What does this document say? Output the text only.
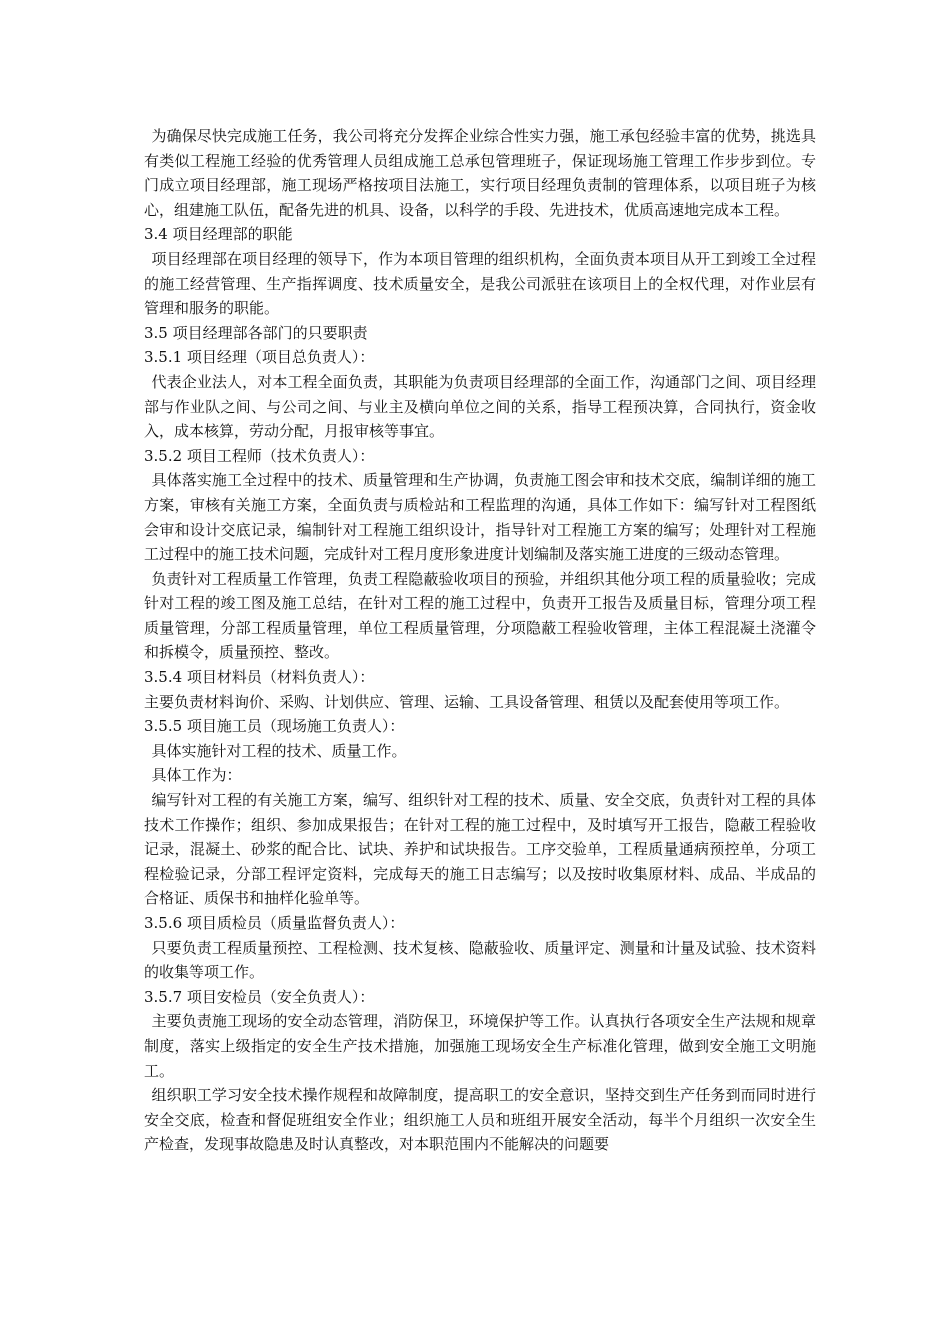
为确保尽快完成施工任务，我公司将充分发挥企业综合性实力强，施工承包经验丰富的优势，挑选具有类似工程施工经验的优秀管理人员组成施工总承包管理班子，保证现场施工管理工作步步到位。专门成立项目经理部，施工现场严格按项目法施工，实行项目经理负责制的管理体系，以项目班子为核心，组建施工队伍，配备先进的机具、设备，以科学的手段、先进技术，优质高速地完成本工程。

3.4 项目经理部的职能

项目经理部在项目经理的领导下，作为本项目管理的组织机构，全面负责本项目从开工到竣工全过程的施工经营管理、生产指挥调度、技术质量安全，是我公司派驻在该项目上的全权代理，对作业层有管理和服务的职能。

3.5 项目经理部各部门的只要职责

3.5.1 项目经理（项目总负责人）：

代表企业法人，对本工程全面负责，其职能为负责项目经理部的全面工作，沟通部门之间、项目经理部与作业队之间、与公司之间、与业主及横向单位之间的关系，指导工程预决算，合同执行，资金收入，成本核算，劳动分配，月报审核等事宜。

3.5.2 项目工程师（技术负责人）：

具体落实施工全过程中的技术、质量管理和生产协调，负责施工图会审和技术交底，编制详细的施工方案，审核有关施工方案，全面负责与质检站和工程监理的沟通，具体工作如下：编写针对工程图纸会审和设计交底记录，编制针对工程施工组织设计，指导针对工程施工方案的编写；处理针对工程施工过程中的施工技术问题，完成针对工程月度形象进度计划编制及落实施工进度的三级动态管理。

负责针对工程质量工作管理，负责工程隐蔽验收项目的预验，并组织其他分项工程的质量验收；完成针对工程的竣工图及施工总结，在针对工程的施工过程中，负责开工报告及质量目标，管理分项工程质量管理，分部工程质量管理，单位工程质量管理，分项隐蔽工程验收管理，主体工程混凝土浇灌令和拆模令，质量预控、整改。

3.5.4 项目材料员（材料负责人）：

主要负责材料询价、采购、计划供应、管理、运输、工具设备管理、租赁以及配套使用等项工作。

3.5.5 项目施工员（现场施工负责人）：

具体实施针对工程的技术、质量工作。

具体工作为：

编写针对工程的有关施工方案，编写、组织针对工程的技术、质量、安全交底，负责针对工程的具体技术工作操作；组织、参加成果报告；在针对工程的施工过程中，及时填写开工报告，隐蔽工程验收记录，混凝土、砂浆的配合比、试块、养护和试块报告。工序交验单，工程质量通病预控单，分项工程检验记录，分部工程评定资料，完成每天的施工日志编写；以及按时收集原材料、成品、半成品的合格证、质保书和抽样化验单等。

3.5.6 项目质检员（质量监督负责人）：

只要负责工程质量预控、工程检测、技术复核、隐蔽验收、质量评定、测量和计量及试验、技术资料的收集等项工作。

3.5.7 项目安检员（安全负责人）：

主要负责施工现场的安全动态管理，消防保卫，环境保护等工作。认真执行各项安全生产法规和规章制度，落实上级指定的安全生产技术措施，加强施工现场安全生产标准化管理，做到安全施工文明施工。

组织职工学习安全技术操作规程和故障制度，提高职工的安全意识，坚持交到生产任务到而同时进行安全交底，检查和督促班组安全作业；组织施工人员和班组开展安全活动，每半个月组织一次安全生产检查，发现事故隐患及时认真整改，对本职范围内不能解决的问题要
